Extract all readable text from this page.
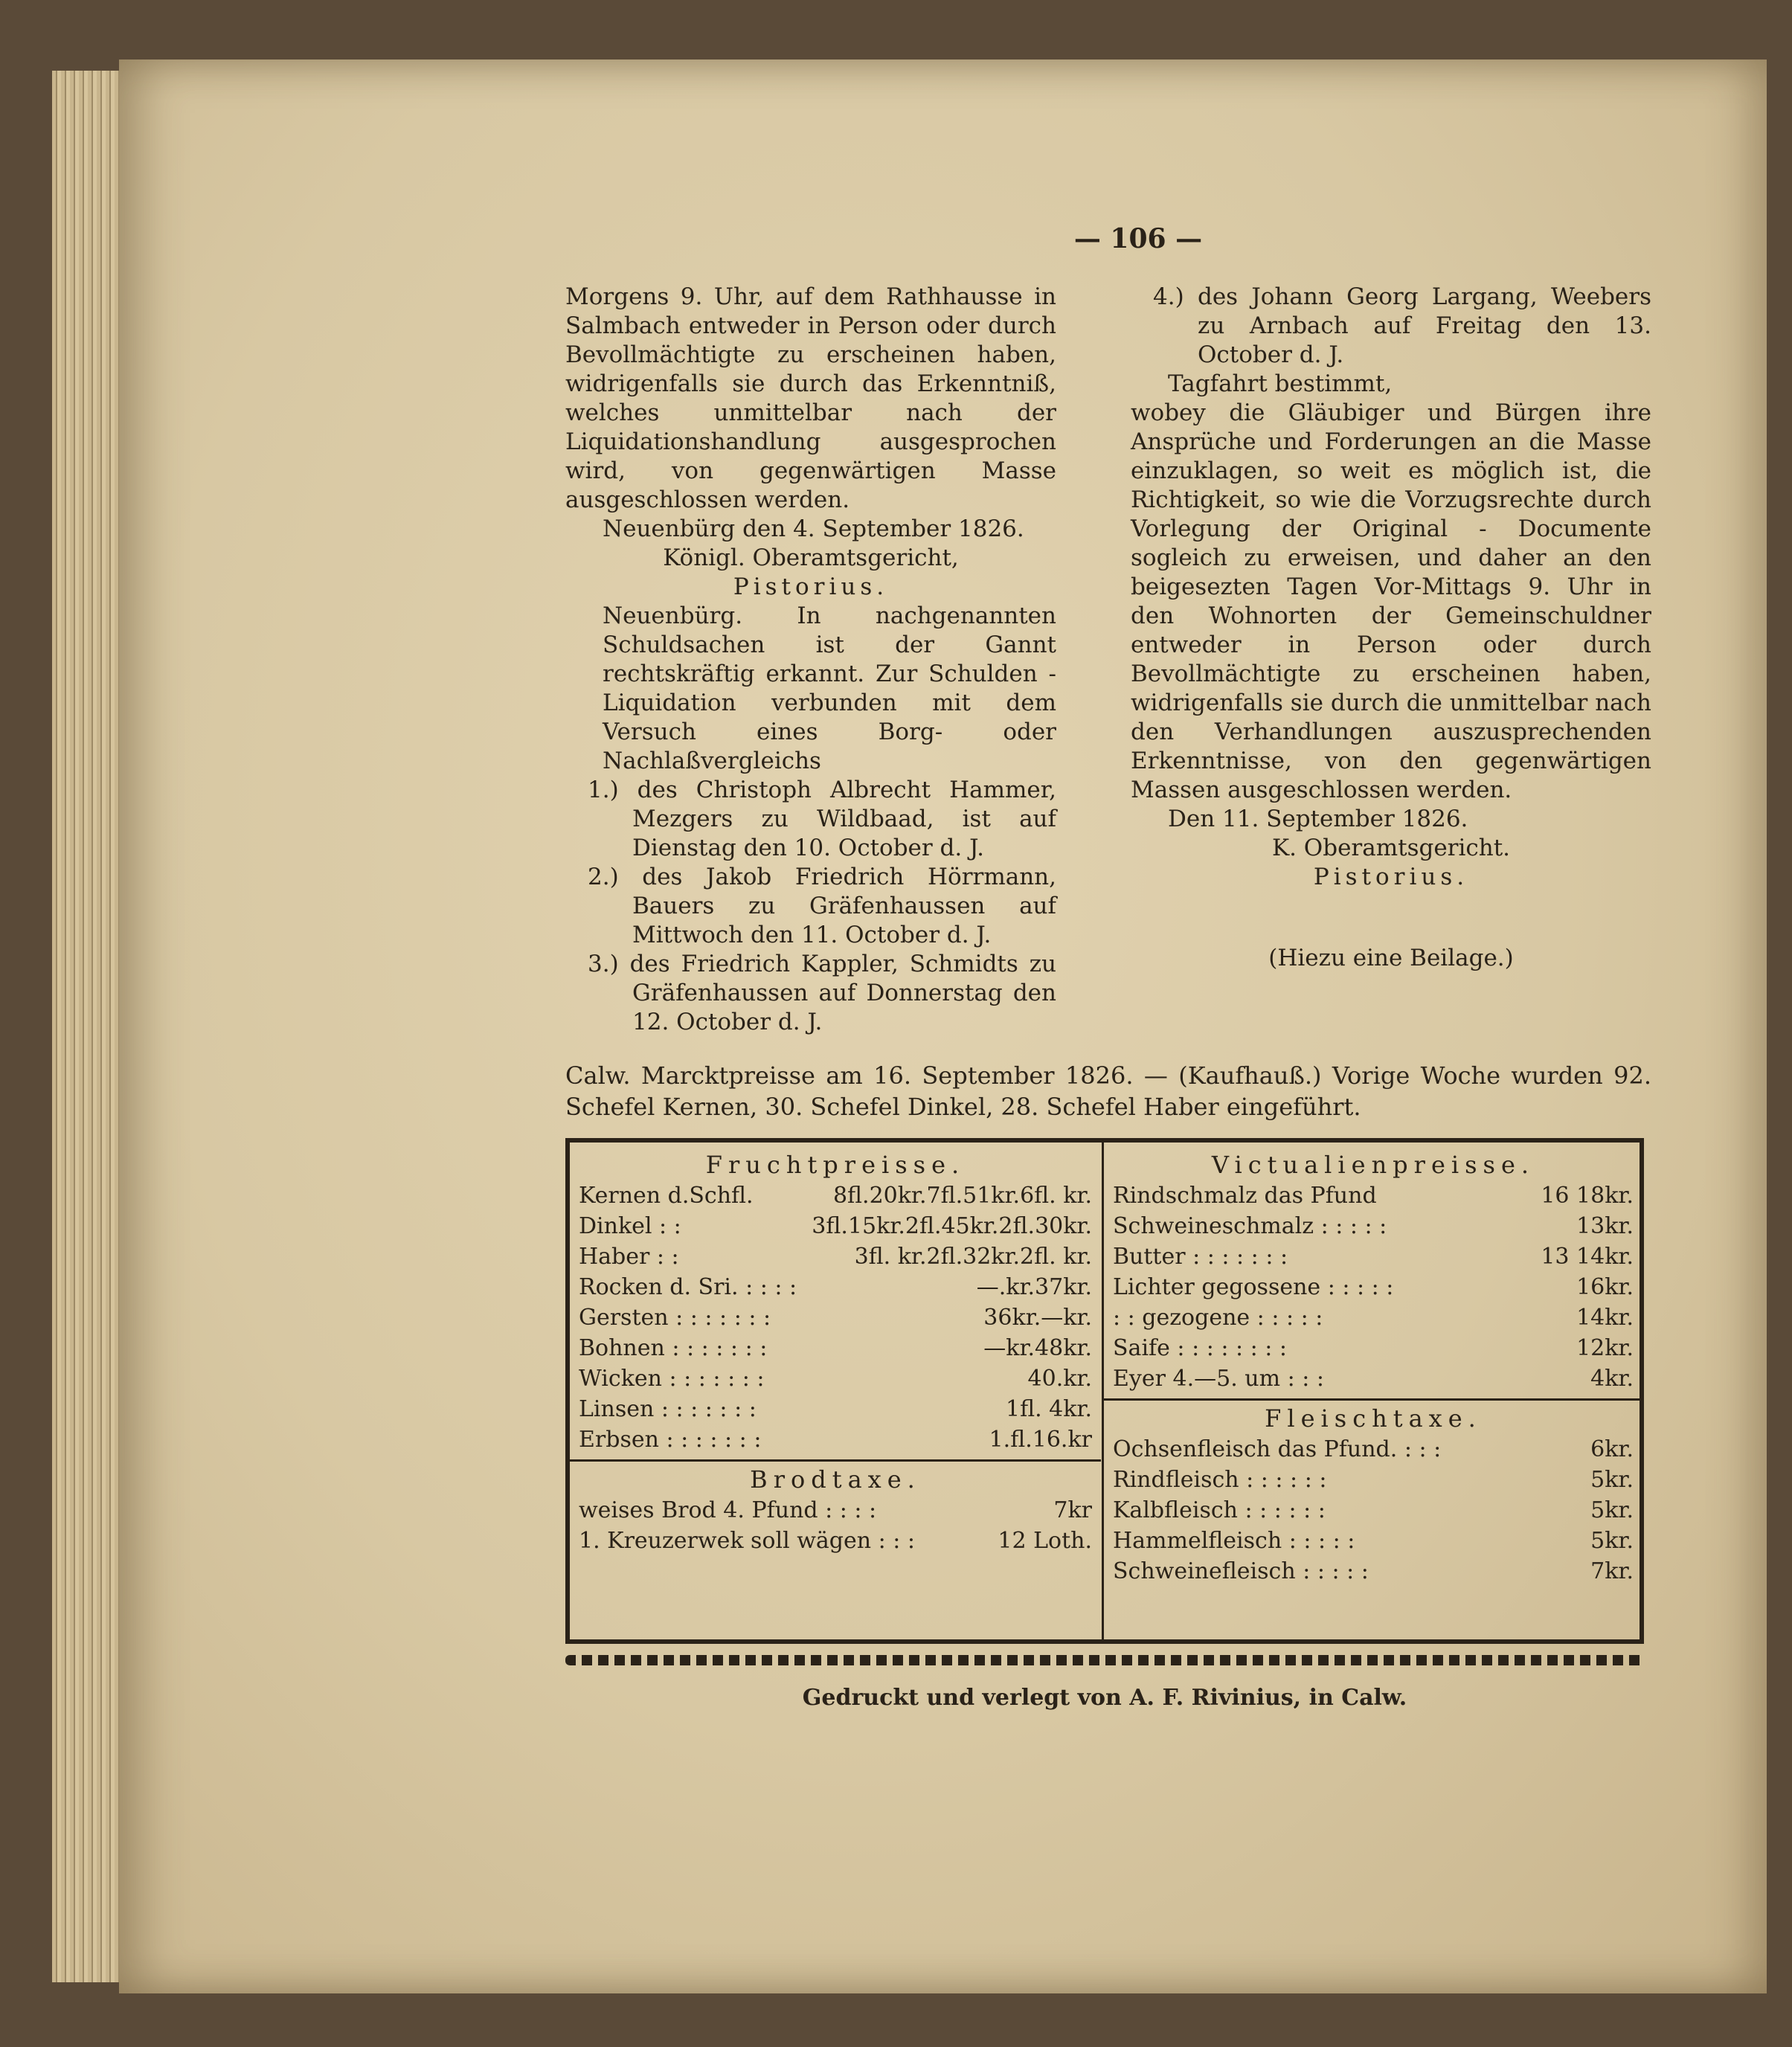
— 106 —

Morgens 9. Uhr, auf dem Rathhausse in Salmbach entweder in Person oder durch Bevollmächtigte zu erscheinen haben, widrigenfalls sie durch das Erkenntniß, welches unmittelbar nach der Liquidationshandlung ausgesprochen wird, von gegenwärtigen Masse ausgeschlossen werden.

Neuenbürg den 4. September 1826.

Königl. Oberamtsgericht,

Pistorius.

Neuenbürg. In nachgenannten Schuldsachen ist der Gannt rechtskräftig erkannt. Zur Schulden - Liquidation verbunden mit dem Versuch eines Borg- oder Nachlaßvergleichs

1.) des Christoph Albrecht Hammer, Mezgers zu Wildbaad, ist auf Dienstag den 10. October d. J.

2.) des Jakob Friedrich Hörrmann, Bauers zu Gräfenhaussen auf Mittwoch den 11. October d. J.

3.) des Friedrich Kappler, Schmidts zu Gräfenhaussen auf Donnerstag den 12. October d. J.

4.) des Johann Georg Largang, Weebers zu Arnbach auf Freitag den 13. October d. J.

Tagfahrt bestimmt,

wobey die Gläubiger und Bürgen ihre Ansprüche und Forderungen an die Masse einzuklagen, so weit es möglich ist, die Richtigkeit, so wie die Vorzugsrechte durch Vorlegung der Original - Documente sogleich zu erweisen, und daher an den beigesezten Tagen Vor-Mittags 9. Uhr in den Wohnorten der Gemeinschuldner entweder in Person oder durch Bevollmächtigte zu erscheinen haben, widrigenfalls sie durch die unmittelbar nach den Verhandlungen auszusprechenden Erkenntnisse, von den gegenwärtigen Massen ausgeschlossen werden.

Den 11. September 1826.

K. Oberamtsgericht.

Pistorius.

(Hiezu eine Beilage.)

Calw. Marcktpreisse am 16. September 1826. — (Kaufhauß.) Vorige Woche wurden 92. Schefel Kernen, 30. Schefel Dinkel, 28. Schefel Haber eingeführt.
Fruchtpreisse.
Kernen d.Schfl.	8fl.20kr.7fl.51kr.6fl. kr.
Dinkel : :	3fl.15kr.2fl.45kr.2fl.30kr.
Haber : :	3fl. kr.2fl.32kr.2fl. kr.
Rocken d. Sri. : : : :	—.kr.37kr.
Gersten : : : : : : :	36kr.—kr.
Bohnen : : : : : : :	—kr.48kr.
Wicken : : : : : : :	40.kr.
Linsen : : : : : : :	1fl. 4kr.
Erbsen : : : : : : :	1.fl.16.kr
Brodtaxe.
weises Brod 4. Pfund : : : :	7kr
1. Kreuzerwek soll wägen : : :	12 Loth.
Victualienpreisse.
Rindschmalz das Pfund	16 18kr.
Schweineschmalz : : : : :	13kr.
Butter : : : : : : :	13 14kr.
Lichter gegossene : : : : :	16kr.
: : gezogene : : : : :	14kr.
Saife : : : : : : : :	12kr.
Eyer 4.—5. um : : :	4kr.
Fleischtaxe.
Ochsenfleisch das Pfund. : : :	6kr.
Rindfleisch : : : : : :	5kr.
Kalbfleisch : : : : : :	5kr.
Hammelfleisch : : : : :	5kr.
Schweinefleisch : : : : :	7kr.
Gedruckt und verlegt von A. F. Rivinius, in Calw.
